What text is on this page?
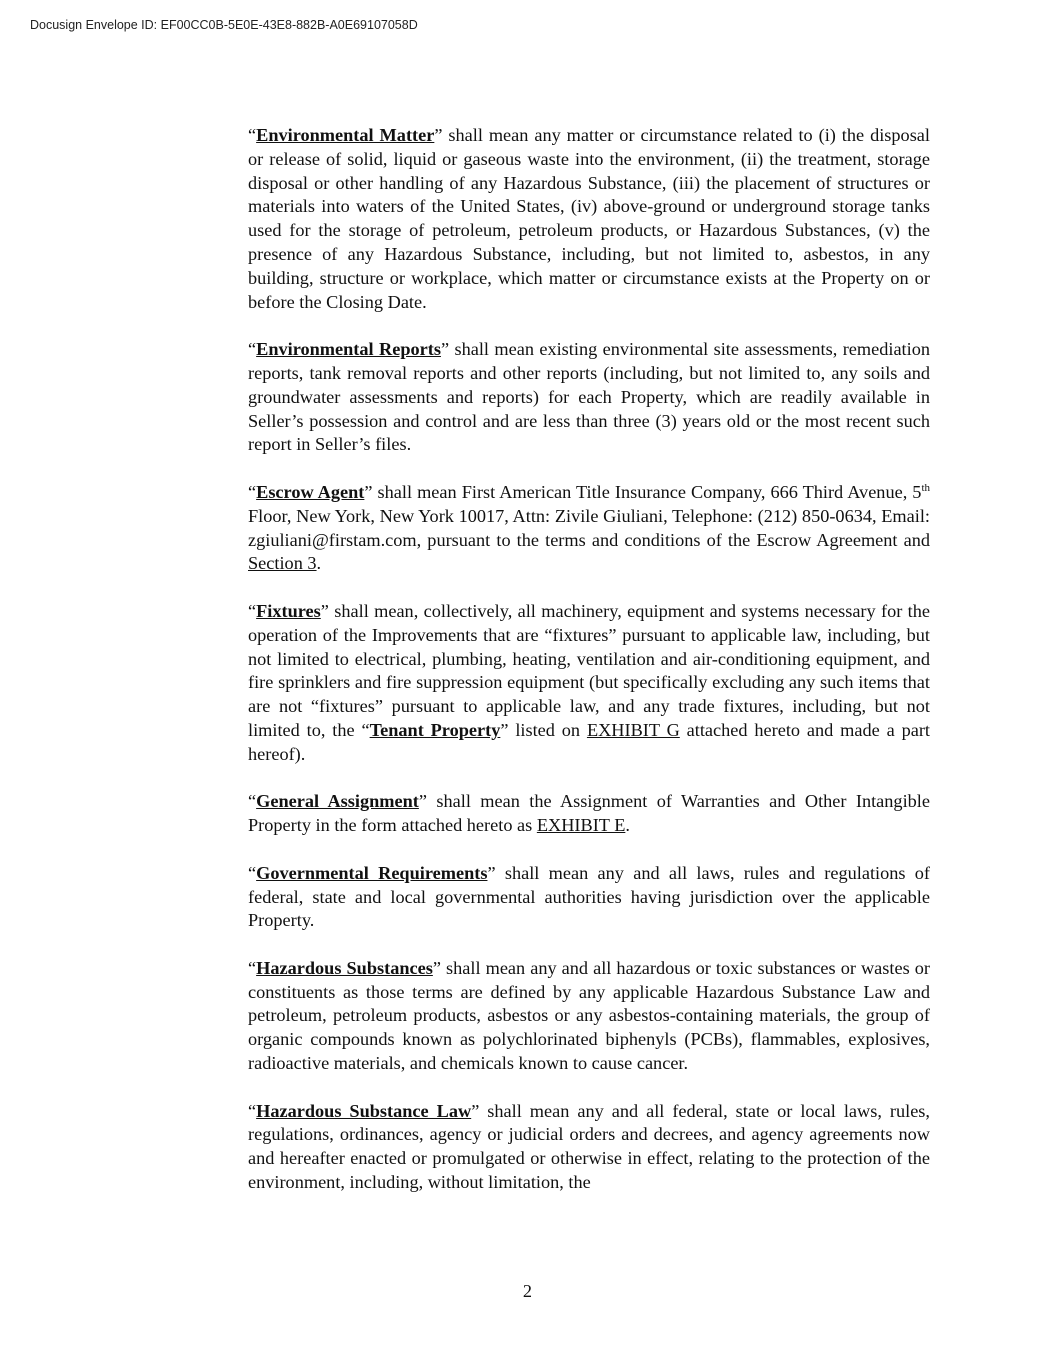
Docusign Envelope ID: EF00CC0B-5E0E-43E8-882B-A0E69107058D

“Environmental Matter” shall mean any matter or circumstance related to (i) the disposal or release of solid, liquid or gaseous waste into the environment, (ii) the treatment, storage disposal or other handling of any Hazardous Substance, (iii) the placement of structures or materials into waters of the United States, (iv) above-ground or underground storage tanks used for the storage of petroleum, petroleum products, or Hazardous Substances, (v) the presence of any Hazardous Substance, including, but not limited to, asbestos, in any building, structure or workplace, which matter or circumstance exists at the Property on or before the Closing Date.

“Environmental Reports” shall mean existing environmental site assessments, remediation reports, tank removal reports and other reports (including, but not limited to, any soils and groundwater assessments and reports) for each Property, which are readily available in Seller’s possession and control and are less than three (3) years old or the most recent such report in Seller’s files.

“Escrow Agent” shall mean First American Title Insurance Company, 666 Third Avenue, 5th Floor, New York, New York 10017, Attn: Zivile Giuliani, Telephone: (212) 850-0634, Email: zgiuliani@firstam.com, pursuant to the terms and conditions of the Escrow Agreement and Section 3.

“Fixtures” shall mean, collectively, all machinery, equipment and systems necessary for the operation of the Improvements that are “fixtures” pursuant to applicable law, including, but not limited to electrical, plumbing, heating, ventilation and air-conditioning equipment, and fire sprinklers and fire suppression equipment (but specifically excluding any such items that are not “fixtures” pursuant to applicable law, and any trade fixtures, including, but not limited to, the “Tenant Property” listed on EXHIBIT G attached hereto and made a part hereof).

“General Assignment” shall mean the Assignment of Warranties and Other Intangible Property in the form attached hereto as EXHIBIT E.

“Governmental Requirements” shall mean any and all laws, rules and regulations of federal, state and local governmental authorities having jurisdiction over the applicable Property.

“Hazardous Substances” shall mean any and all hazardous or toxic substances or wastes or constituents as those terms are defined by any applicable Hazardous Substance Law and petroleum, petroleum products, asbestos or any asbestos-containing materials, the group of organic compounds known as polychlorinated biphenyls (PCBs), flammables, explosives, radioactive materials, and chemicals known to cause cancer.

“Hazardous Substance Law” shall mean any and all federal, state or local laws, rules, regulations, ordinances, agency or judicial orders and decrees, and agency agreements now and hereafter enacted or promulgated or otherwise in effect, relating to the protection of the environment, including, without limitation, the

2
